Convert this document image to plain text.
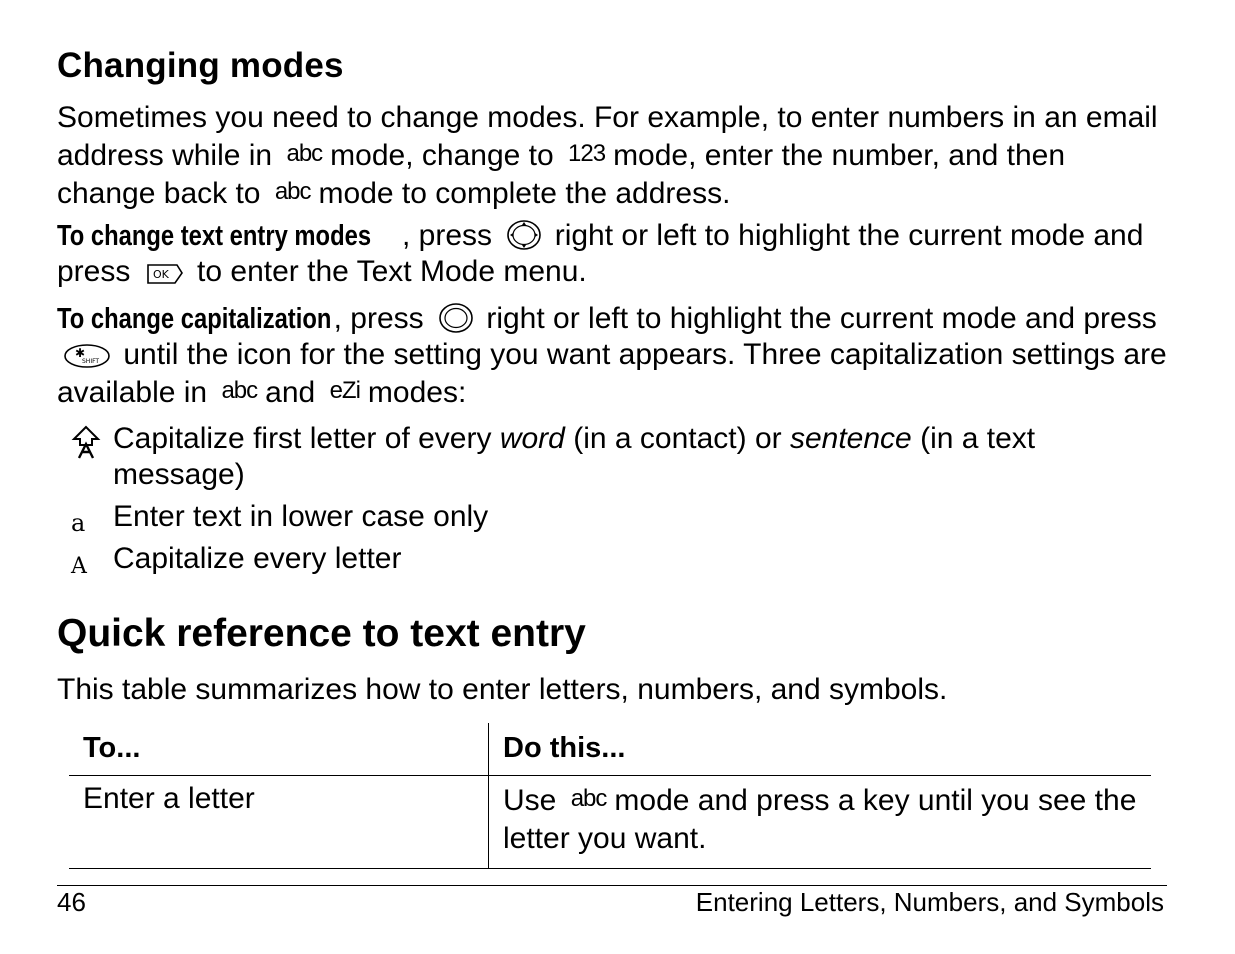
Changing modes

Sometimes you need to change modes. For example, to enter numbers in an email address while in abc mode, change to 123 mode, enter the number, and then change back to abc mode to complete the address.

To change text entry modes , press right or left to highlight the current mode and press OK to enter the Text Mode menu.

To change capitalization, press right or left to highlight the current mode and press
✱
SHIFT until the icon for the setting you want appears. Three capitalization settings are available in abc and eZi modes:

Capitalize first letter of every word (in a contact) or sentence (in a text message)
a Enter text in lower case only
A Capitalize every letter
Quick reference to text entry

This table summarizes how to enter letters, numbers, and symbols.

To...	Do this...
Enter a letter	Use abc mode and press a key until you see the letter you want.
46	Entering Letters, Numbers, and Symbols
